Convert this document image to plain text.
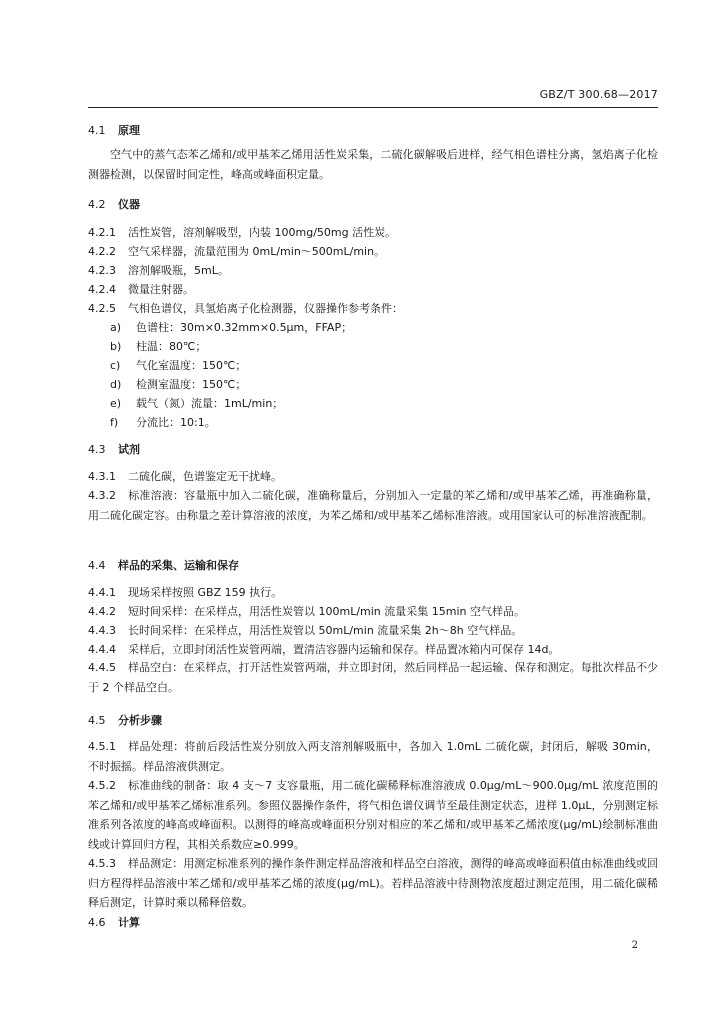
GBZ/T 300.68—2017
4.1 原理
空气中的蒸气态苯乙烯和/或甲基苯乙烯用活性炭采集，二硫化碳解吸后进样，经气相色谱柱分离，氢焰离子化检测器检测，以保留时间定性，峰高或峰面积定量。
4.2 仪器
4.2.1 活性炭管，溶剂解吸型，内装 100mg/50mg 活性炭。
4.2.2 空气采样器，流量范围为 0mL/min～500mL/min。
4.2.3 溶剂解吸瓶，5mL。
4.2.4 微量注射器。
4.2.5 气相色谱仪，具氢焰离子化检测器，仪器操作参考条件：
a) 色谱柱：30m×0.32mm×0.5μm，FFAP；
b) 柱温：80℃；
c) 气化室温度：150℃；
d) 检测室温度：150℃；
e) 载气（氮）流量：1mL/min；
f) 分流比：10:1。
4.3 试剂
4.3.1 二硫化碳，色谱鉴定无干扰峰。
4.3.2 标准溶液：容量瓶中加入二硫化碳，准确称量后，分别加入一定量的苯乙烯和/或甲基苯乙烯，再准确称量，用二硫化碳定容。由称量之差计算溶液的浓度，为苯乙烯和/或甲基苯乙烯标准溶液。或用国家认可的标准溶液配制。
4.4 样品的采集、运输和保存
4.4.1 现场采样按照 GBZ 159 执行。
4.4.2 短时间采样：在采样点，用活性炭管以 100mL/min 流量采集 15min 空气样品。
4.4.3 长时间采样：在采样点，用活性炭管以 50mL/min 流量采集 2h～8h 空气样品。
4.4.4 采样后，立即封闭活性炭管两端，置清洁容器内运输和保存。样品置冰箱内可保存 14d。
4.4.5 样品空白：在采样点，打开活性炭管两端，并立即封闭，然后同样品一起运输、保存和测定。每批次样品不少于 2 个样品空白。
4.5 分析步骤
4.5.1 样品处理：将前后段活性炭分别放入两支溶剂解吸瓶中，各加入 1.0mL 二硫化碳，封闭后，解吸 30min，不时振摇。样品溶液供测定。
4.5.2 标准曲线的制备：取 4 支～7 支容量瓶，用二硫化碳稀释标准溶液成 0.0μg/mL～900.0μg/mL 浓度范围的苯乙烯和/或甲基苯乙烯标准系列。参照仪器操作条件，将气相色谱仪调节至最佳测定状态，进样 1.0μL，分别测定标准系列各浓度的峰高或峰面积。以测得的峰高或峰面积分别对相应的苯乙烯和/或甲基苯乙烯浓度(μg/mL)绘制标准曲线或计算回归方程，其相关系数应≥0.999。
4.5.3 样品测定：用测定标准系列的操作条件测定样品溶液和样品空白溶液，测得的峰高或峰面积值由标准曲线或回归方程得样品溶液中苯乙烯和/或甲基苯乙烯的浓度(μg/mL)。若样品溶液中待测物浓度超过测定范围，用二硫化碳稀释后测定，计算时乘以稀释倍数。
4.6 计算
2
